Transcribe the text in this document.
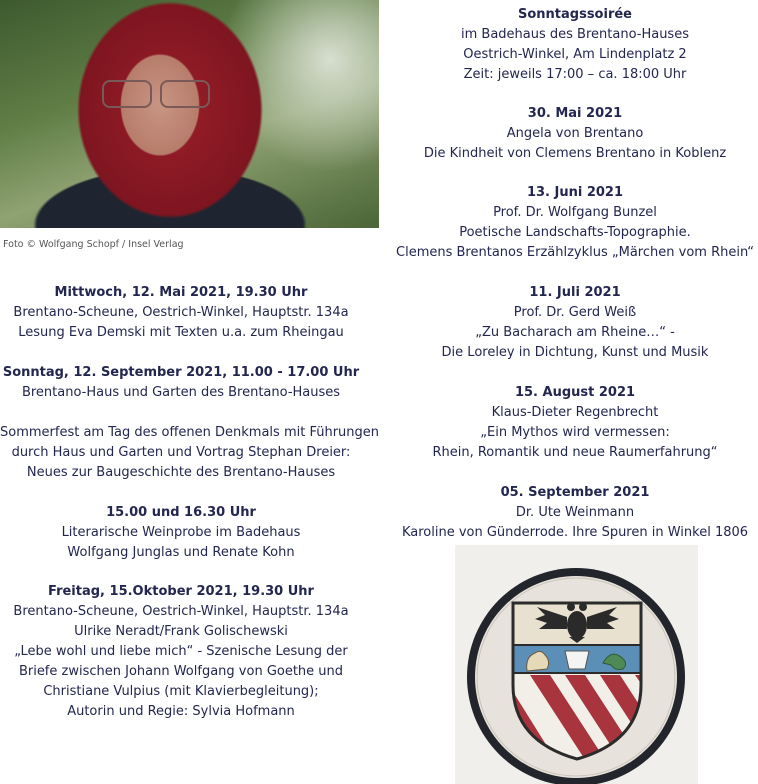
Foto © Wolfgang Schopf / Insel Verlag
Mittwoch, 12. Mai 2021, 19.30 Uhr
Brentano-Scheune, Oestrich-Winkel, Hauptstr. 134a
Lesung Eva Demski mit Texten u.a. zum Rheingau
Sonntag, 12. September 2021, 11.00 - 17.00 Uhr
Brentano-Haus und Garten des Brentano-Hauses
Sommerfest am Tag des offenen Denkmals mit Führungen
durch Haus und Garten und Vortrag Stephan Dreier:
Neues zur Baugeschichte des Brentano-Hauses
15.00 und 16.30 Uhr
Literarische Weinprobe im Badehaus
Wolfgang Junglas und Renate Kohn
Freitag, 15.Oktober 2021, 19.30 Uhr
Brentano-Scheune, Oestrich-Winkel, Hauptstr. 134a
Ulrike Neradt/Frank Golischewski
„Lebe wohl und liebe mich“ - Szenische Lesung der
Briefe zwischen Johann Wolfgang von Goethe und
Christiane Vulpius (mit Klavierbegleitung);
Autorin und Regie: Sylvia Hofmann
Sonntagssoirée
im Badehaus des Brentano-Hauses
Oestrich-Winkel, Am Lindenplatz 2
Zeit: jeweils 17:00 – ca. 18:00 Uhr
30. Mai 2021
Angela von Brentano
Die Kindheit von Clemens Brentano in Koblenz
13. Juni 2021
Prof. Dr. Wolfgang Bunzel
Poetische Landschafts-Topographie.
Clemens Brentanos Erzählzyklus „Märchen vom Rhein“
11. Juli 2021
Prof. Dr. Gerd Weiß
„Zu Bacharach am Rheine…“ -
Die Loreley in Dichtung, Kunst und Musik
15. August 2021
Klaus-Dieter Regenbrecht
„Ein Mythos wird vermessen:
Rhein, Romantik und neue Raumerfahrung“
05. September 2021
Dr. Ute Weinmann
Karoline von Günderrode. Ihre Spuren in Winkel 1806
